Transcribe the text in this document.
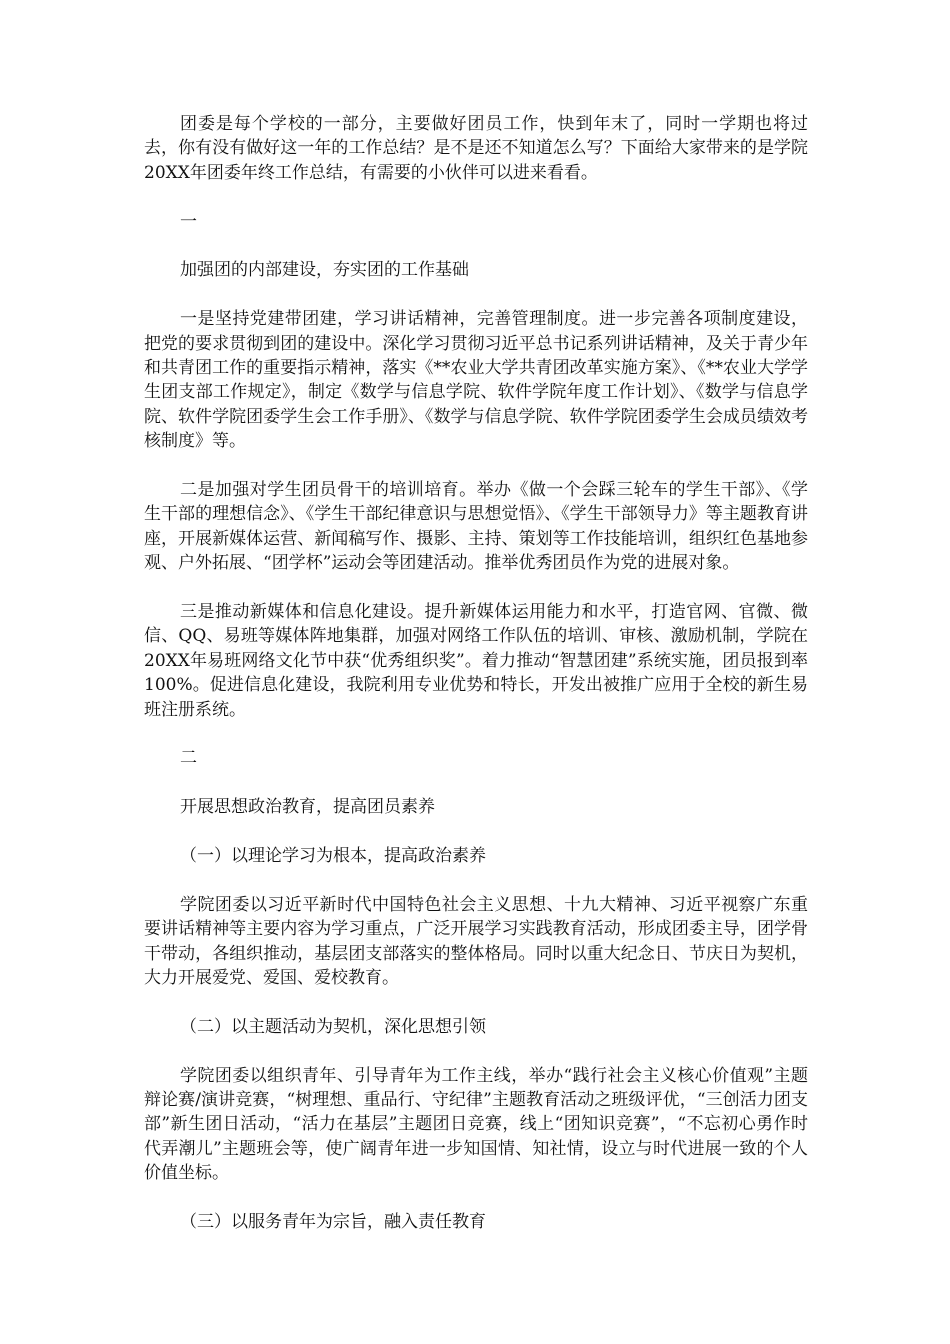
团委是每个学校的一部分，主要做好团员工作，快到年末了，同时一学期也将过去，你有没有做好这一年的工作总结？是不是还不知道怎么写？下面给大家带来的是学院20XX年团委年终工作总结，有需要的小伙伴可以进来看看。

一

加强团的内部建设，夯实团的工作基础

一是坚持党建带团建，学习讲话精神，完善管理制度。进一步完善各项制度建设，把党的要求贯彻到团的建设中。深化学习贯彻习近平总书记系列讲话精神，及关于青少年和共青团工作的重要指示精神，落实《**农业大学共青团改革实施方案》、《**农业大学学生团支部工作规定》，制定《数学与信息学院、软件学院年度工作计划》、《数学与信息学院、软件学院团委学生会工作手册》、《数学与信息学院、软件学院团委学生会成员绩效考核制度》等。

二是加强对学生团员骨干的培训培育。举办《做一个会踩三轮车的学生干部》、《学生干部的理想信念》、《学生干部纪律意识与思想觉悟》、《学生干部领导力》等主题教育讲座，开展新媒体运营、新闻稿写作、摄影、主持、策划等工作技能培训，组织红色基地参观、户外拓展、“团学杯”运动会等团建活动。推举优秀团员作为党的进展对象。

三是推动新媒体和信息化建设。提升新媒体运用能力和水平，打造官网、官微、微信、QQ、易班等媒体阵地集群，加强对网络工作队伍的培训、审核、激励机制，学院在20XX年易班网络文化节中获“优秀组织奖”。着力推动“智慧团建”系统实施，团员报到率100%。促进信息化建设，我院利用专业优势和特长，开发出被推广应用于全校的新生易班注册系统。

二

开展思想政治教育，提高团员素养

（一）以理论学习为根本，提高政治素养

学院团委以习近平新时代中国特色社会主义思想、十九大精神、习近平视察广东重要讲话精神等主要内容为学习重点，广泛开展学习实践教育活动，形成团委主导，团学骨干带动，各组织推动，基层团支部落实的整体格局。同时以重大纪念日、节庆日为契机，大力开展爱党、爱国、爱校教育。

（二）以主题活动为契机，深化思想引领

学院团委以组织青年、引导青年为工作主线，举办“践行社会主义核心价值观”主题辩论赛/演讲竞赛，“树理想、重品行、守纪律”主题教育活动之班级评优，“三创活力团支部”新生团日活动，“活力在基层”主题团日竞赛，线上“团知识竞赛”，“不忘初心勇作时代弄潮儿”主题班会等，使广阔青年进一步知国情、知社情，设立与时代进展一致的个人价值坐标。

（三）以服务青年为宗旨，融入责任教育
